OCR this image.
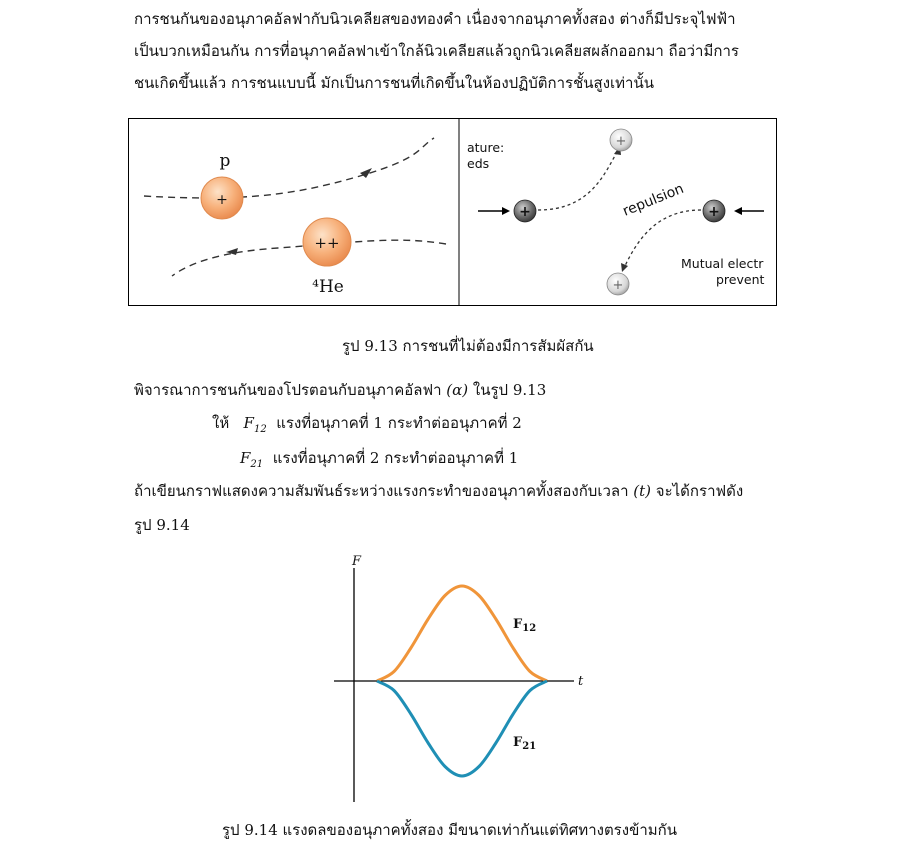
การชนกันของอนุภาคอัลฟากับนิวเคลียสของทองคำ เนื่องจากอนุภาคทั้งสอง ต่างก็มีประจุไฟฟ้า
เป็นบวกเหมือนกัน การที่อนุภาคอัลฟาเข้าใกล้นิวเคลียสแล้วถูกนิวเคลียสผลักออกมา ถือว่ามีการ
ชนเกิดขึ้นแล้ว การชนแบบนี้ มักเป็นการชนที่เกิดขึ้นในห้องปฏิบัติการชั้นสูงเท่านั้น
+
p
++
⁴He
ature:
eds
+	+
+
+
repulsion
Mutual electr
prevent
รูป 9.13 การชนที่ไม่ต้องมีการสัมผัสกัน
พิจารณาการชนกันของโปรตอนกับอนุภาคอัลฟา (α) ในรูป 9.13
ให้ $F_{12}$ แรงที่อนุภาคที่ 1 กระทำต่ออนุภาคที่ 2
$F_{21}$ แรงที่อนุภาคที่ 2 กระทำต่ออนุภาคที่ 1
ถ้าเขียนกราฟแสดงความสัมพันธ์ระหว่างแรงกระทำของอนุภาคทั้งสองกับเวลา (t) จะได้กราฟดัง
รูป 9.14
F
t
$F_{12}$
$F_{21}$
รูป 9.14 แรงดลของอนุภาคทั้งสอง มีขนาดเท่ากันแต่ทิศทางตรงข้ามกัน
